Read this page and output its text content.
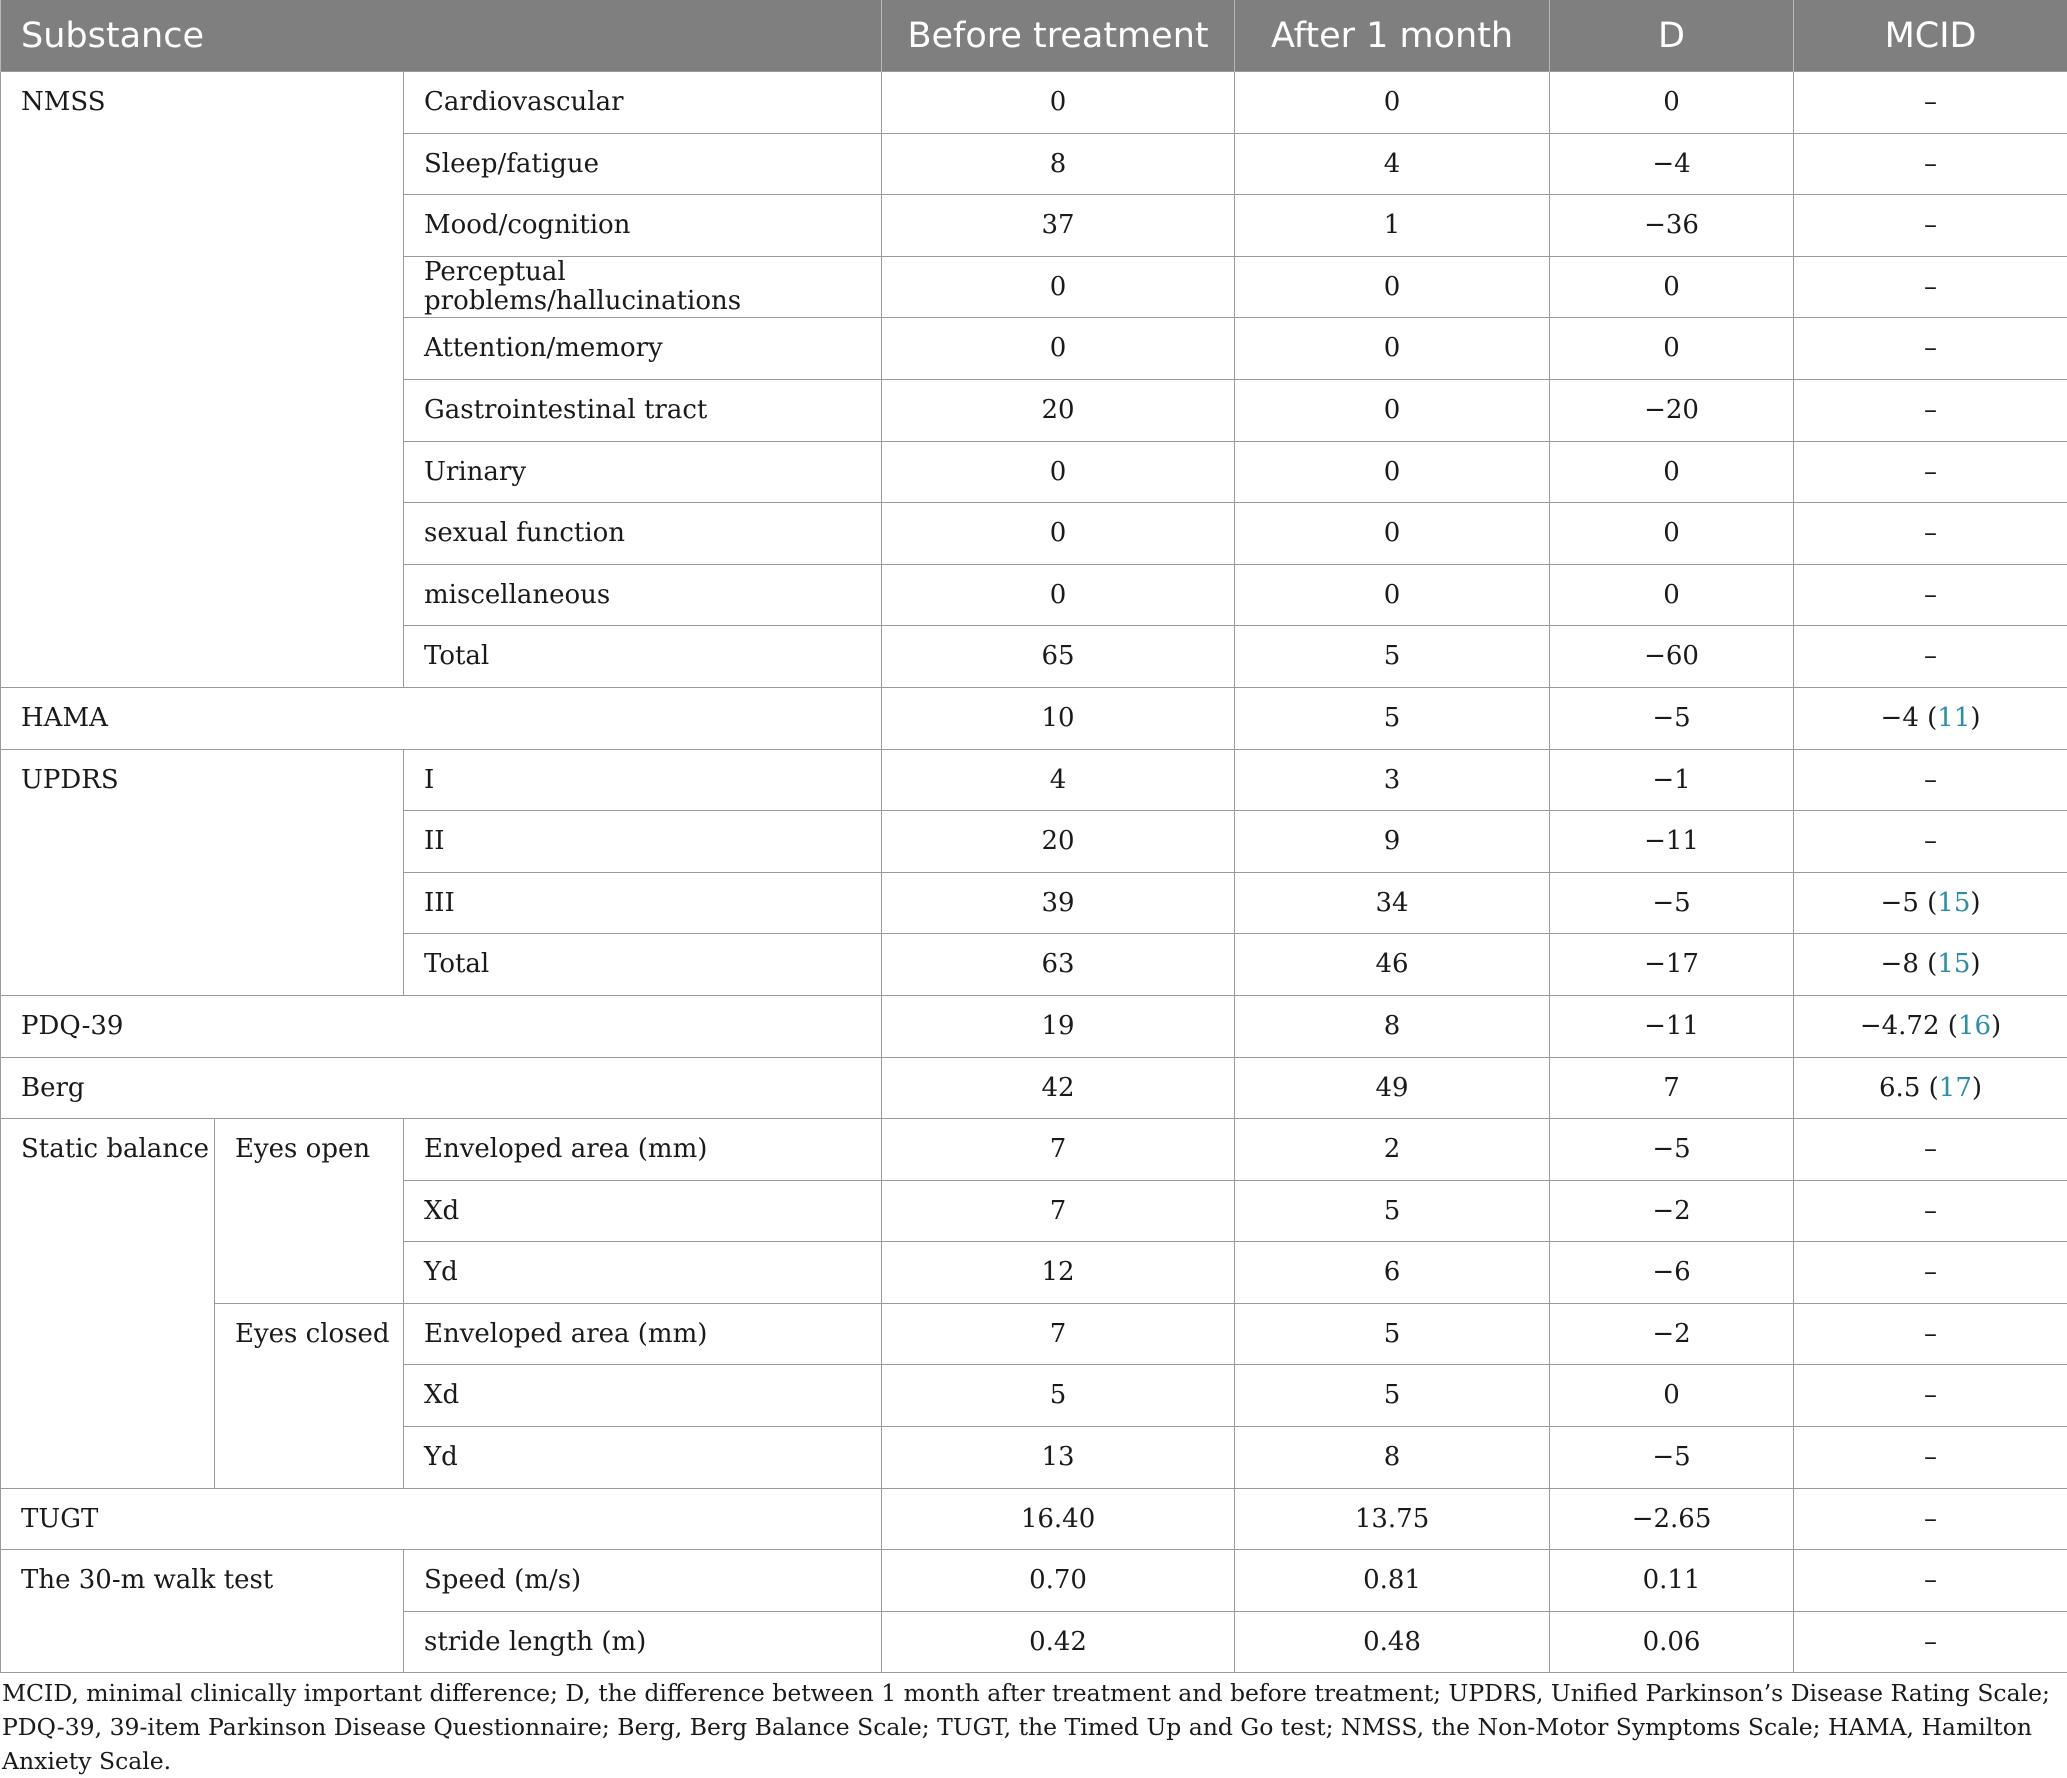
Substance			Before treatment	After 1 month	D	MCID
NMSS		Cardiovascular	0	0	0	–
		Sleep/fatigue	8	4	−4	–
		Mood/cognition	37	1	−36	–
		Perceptual problems/hallucinations	0	0	0	–
		Attention/memory	0	0	0	–
		Gastrointestinal tract	20	0	−20	–
		Urinary	0	0	0	–
		sexual function	0	0	0	–
		miscellaneous	0	0	0	–
		Total	65	5	−60	–
HAMA			10	5	−5	−4 (11)
UPDRS		I	4	3	−1	–
		II	20	9	−11	–
		III	39	34	−5	−5 (15)
		Total	63	46	−17	−8 (15)
PDQ-39			19	8	−11	−4.72 (16)
Berg			42	49	7	6.5 (17)
Static balance	Eyes open	Enveloped area (mm)	7	2	−5	–
		Xd	7	5	−2	–
		Yd	12	6	−6	–
	Eyes closed	Enveloped area (mm)	7	5	−2	–
		Xd	5	5	0	–
		Yd	13	8	−5	–
TUGT			16.40	13.75	−2.65	–
The 30-m walk test		Speed (m/s)	0.70	0.81	0.11	–
		stride length (m)	0.42	0.48	0.06	–
MCID, minimal clinically important difference; D, the difference between 1 month after treatment and before treatment; UPDRS, Unified Parkinson’s Disease Rating Scale; PDQ-39, 39-item Parkinson Disease Questionnaire; Berg, Berg Balance Scale; TUGT, the Timed Up and Go test; NMSS, the Non-Motor Symptoms Scale; HAMA, Hamilton Anxiety Scale.
